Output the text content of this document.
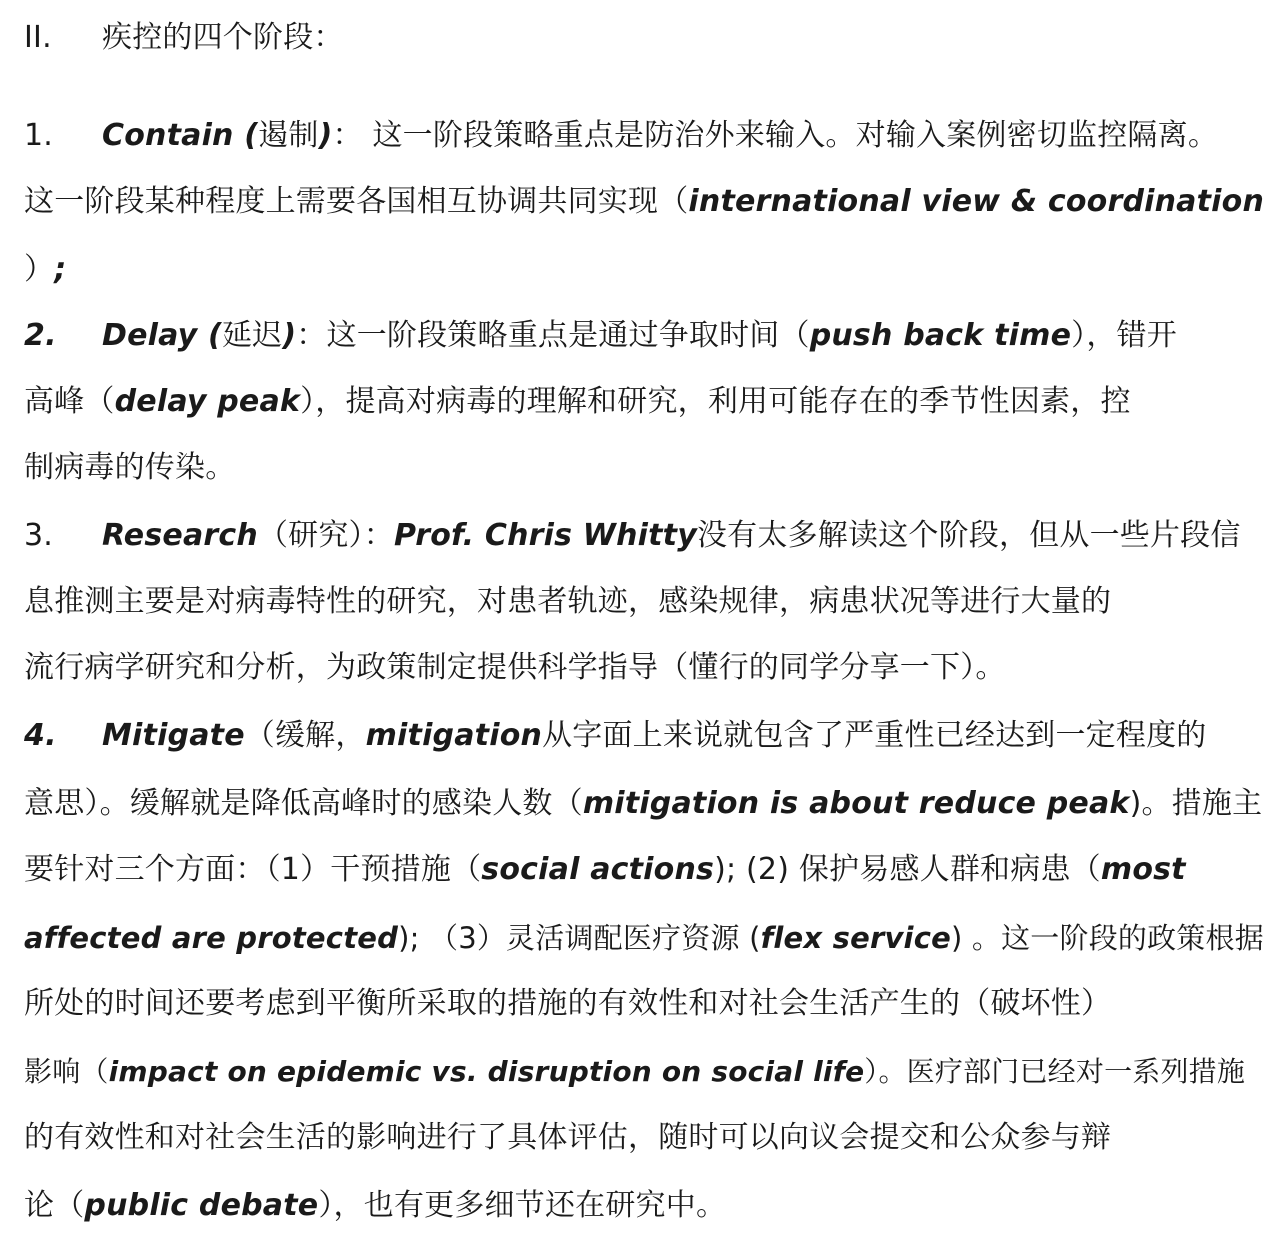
II. 疾控的四个阶段：
1. Contain (遏制)： 这一阶段策略重点是防治外来输入。对输入案例密切监控隔离。
这一阶段某种程度上需要各国相互协调共同实现（international view & coordination
）;
2. Delay (延迟)：这一阶段策略重点是通过争取时间（push back time），错开
高峰（delay peak），提高对病毒的理解和研究，利用可能存在的季节性因素，控
制病毒的传染。
3. Research（研究）：Prof. Chris Whitty没有太多解读这个阶段，但从一些片段信
息推测主要是对病毒特性的研究，对患者轨迹，感染规律，病患状况等进行大量的
流行病学研究和分析，为政策制定提供科学指导（懂行的同学分享一下）。
4. Mitigate（缓解，mitigation从字面上来说就包含了严重性已经达到一定程度的
意思）。缓解就是降低高峰时的感染人数（mitigation is about reduce peak)。措施主
要针对三个方面：（1）干预措施（social actions); (2) 保护易感人群和病患（most
affected are protected); （3）灵活调配医疗资源 (flex service) 。这一阶段的政策根据
所处的时间还要考虑到平衡所采取的措施的有效性和对社会生活产生的（破坏性）
影响（impact on epidemic vs. disruption on social life）。医疗部门已经对一系列措施
的有效性和对社会生活的影响进行了具体评估，随时可以向议会提交和公众参与辩
论（public debate），也有更多细节还在研究中。
